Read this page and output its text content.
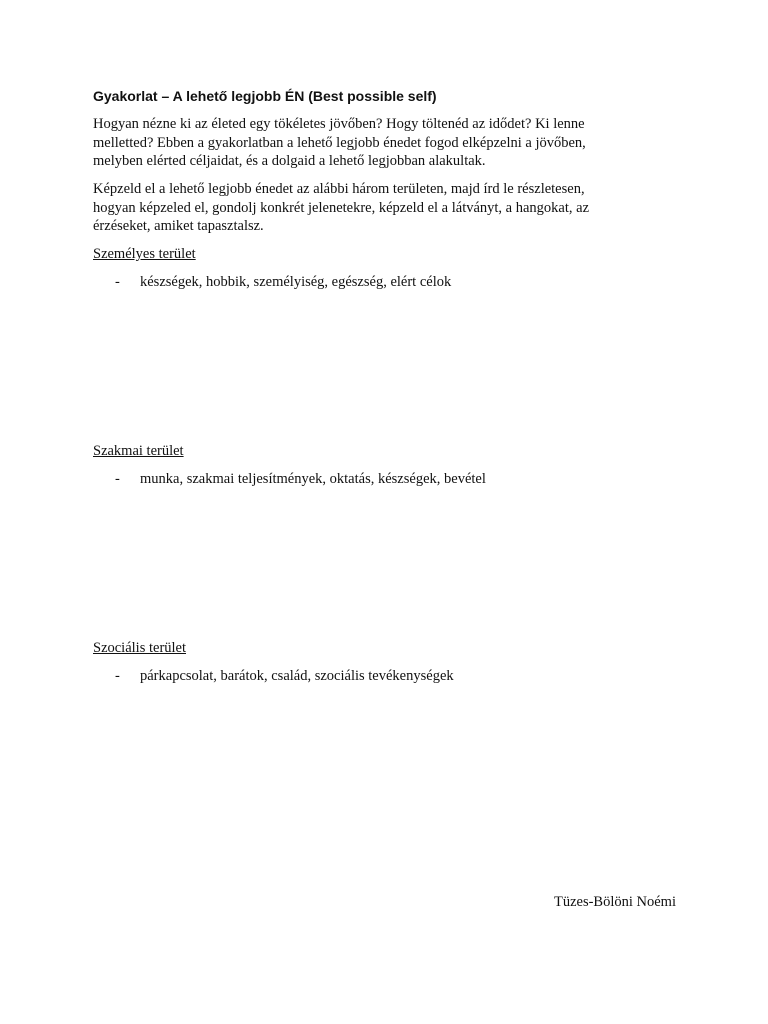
Gyakorlat – A lehető legjobb ÉN (Best possible self)
Hogyan nézne ki az életed egy tökéletes jövőben? Hogy töltenéd az idődet? Ki lenne
melletted? Ebben a gyakorlatban a lehető legjobb énedet fogod elképzelni a jövőben,
melyben elérted céljaidat, és a dolgaid a lehető legjobban alakultak.
Képzeld el a lehető legjobb énedet az alábbi három területen, majd írd le részletesen,
hogyan képzeled el, gondolj konkrét jelenetekre, képzeld el a látványt, a hangokat, az
érzéseket, amiket tapasztalsz.
Személyes terület
- készségek, hobbik, személyiség, egészség, elért célok
Szakmai terület
- munka, szakmai teljesítmények, oktatás, készségek, bevétel
Szociális terület
- párkapcsolat, barátok, család, szociális tevékenységek
Tüzes-Bölöni Noémi
